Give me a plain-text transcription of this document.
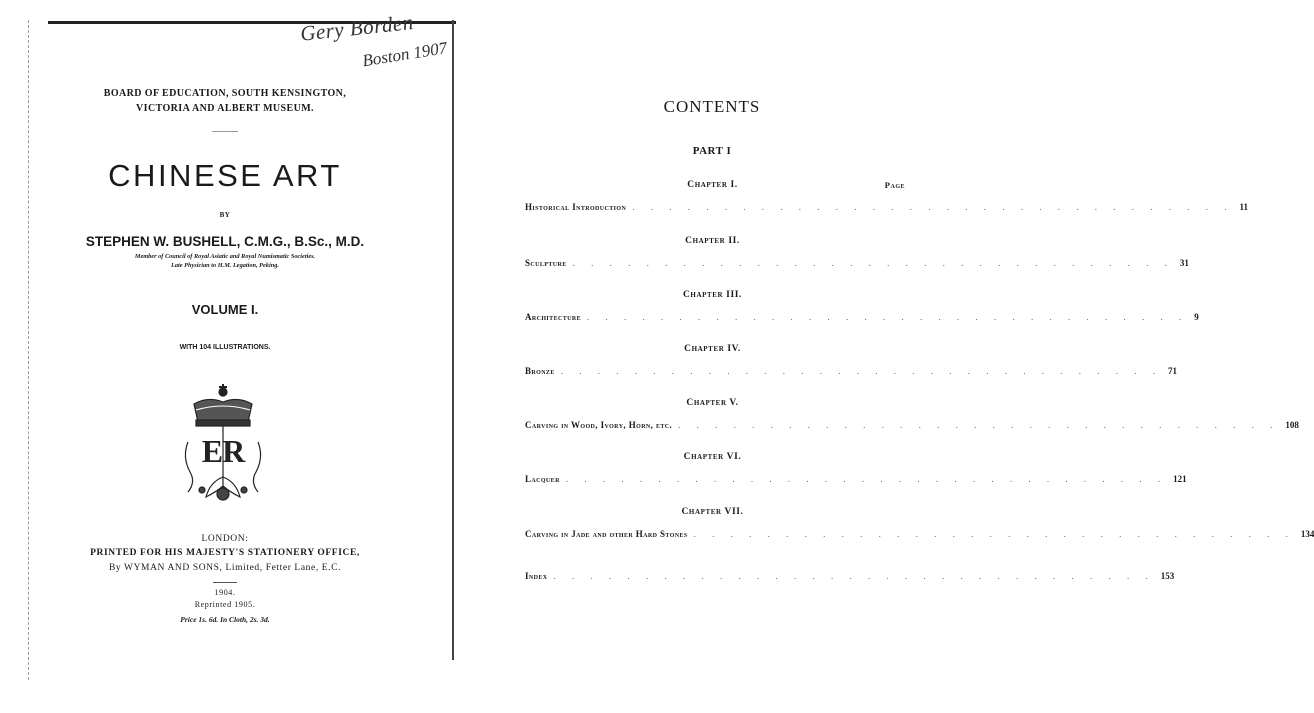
Gery Borden
Boston 1907
BOARD OF EDUCATION, SOUTH KENSINGTON,
VICTORIA AND ALBERT MUSEUM.
CHINESE ART
BY
STEPHEN W. BUSHELL, C.M.G., B.Sc., M.D.
Member of Council of Royal Asiatic and Royal Numismatic Societies.
Late Physician to H.M. Legation, Peking.
VOLUME I.
WITH 104 ILLUSTRATIONS.
ER
LONDON:
PRINTED FOR HIS MAJESTY'S STATIONERY OFFICE,
By WYMAN AND SONS, Limited, Fetter Lane, E.C.
1904.
Reprinted 1905.
Price 1s. 6d. In Cloth, 2s. 3d.
CONTENTS
PART I
Page
Chapter I.
Historical Introduction . . . . . . . . . . . . . . . . . . . . . . . . . . . . . . . . . 11
Chapter II.
Sculpture . . . . . . . . . . . . . . . . . . . . . . . . . . . . . . . . . 31
Chapter III.
Architecture . . . . . . . . . . . . . . . . . . . . . . . . . . . . . . . . . 9
Chapter IV.
Bronze . . . . . . . . . . . . . . . . . . . . . . . . . . . . . . . . . 71
Chapter V.
Carving in Wood, Ivory, Horn, etc. . . . . . . . . . . . . . . . . . . . . . . . . . . . . . . . . . 108
Chapter VI.
Lacquer . . . . . . . . . . . . . . . . . . . . . . . . . . . . . . . . . 121
Chapter VII.
Carving in Jade and other Hard Stones . . . . . . . . . . . . . . . . . . . . . . . . . . . . . . . . . 134
Index . . . . . . . . . . . . . . . . . . . . . . . . . . . . . . . . . 153
